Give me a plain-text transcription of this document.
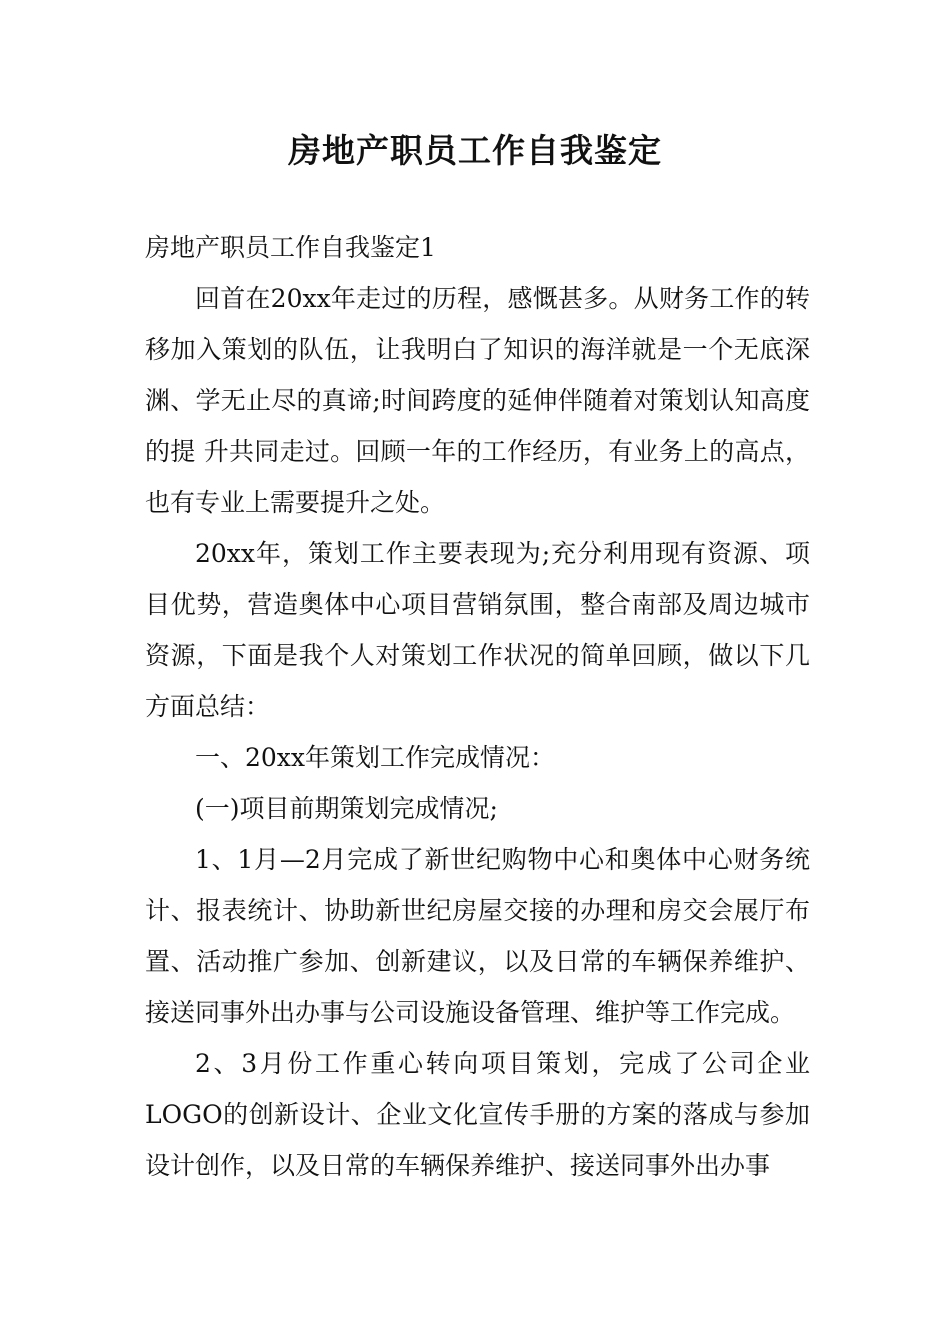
房地产职员工作自我鉴定

房地产职员工作自我鉴定1

回首在20xx年走过的历程，感慨甚多。从财务工作的转移加入策划的队伍，让我明白了知识的海洋就是一个无底深渊、学无止尽的真谛;时间跨度的延伸伴随着对策划认知高度的提 升共同走过。回顾一年的工作经历，有业务上的高点，也有专业上需要提升之处。

20xx年，策划工作主要表现为;充分利用现有资源、项目优势，营造奥体中心项目营销氛围，整合南部及周边城市资源，下面是我个人对策划工作状况的简单回顾，做以下几方面总结：

一、20xx年策划工作完成情况：

(一)项目前期策划完成情况;

1、1月—2月完成了新世纪购物中心和奥体中心财务统计、报表统计、协助新世纪房屋交接的办理和房交会展厅布置、活动推广参加、创新建议，以及日常的车辆保养维护、接送同事外出办事与公司设施设备管理、维护等工作完成。

2、3月份工作重心转向项目策划，完成了公司企业LOGO的创新设计、企业文化宣传手册的方案的落成与参加设计创作，以及日常的车辆保养维护、接送同事外出办事
